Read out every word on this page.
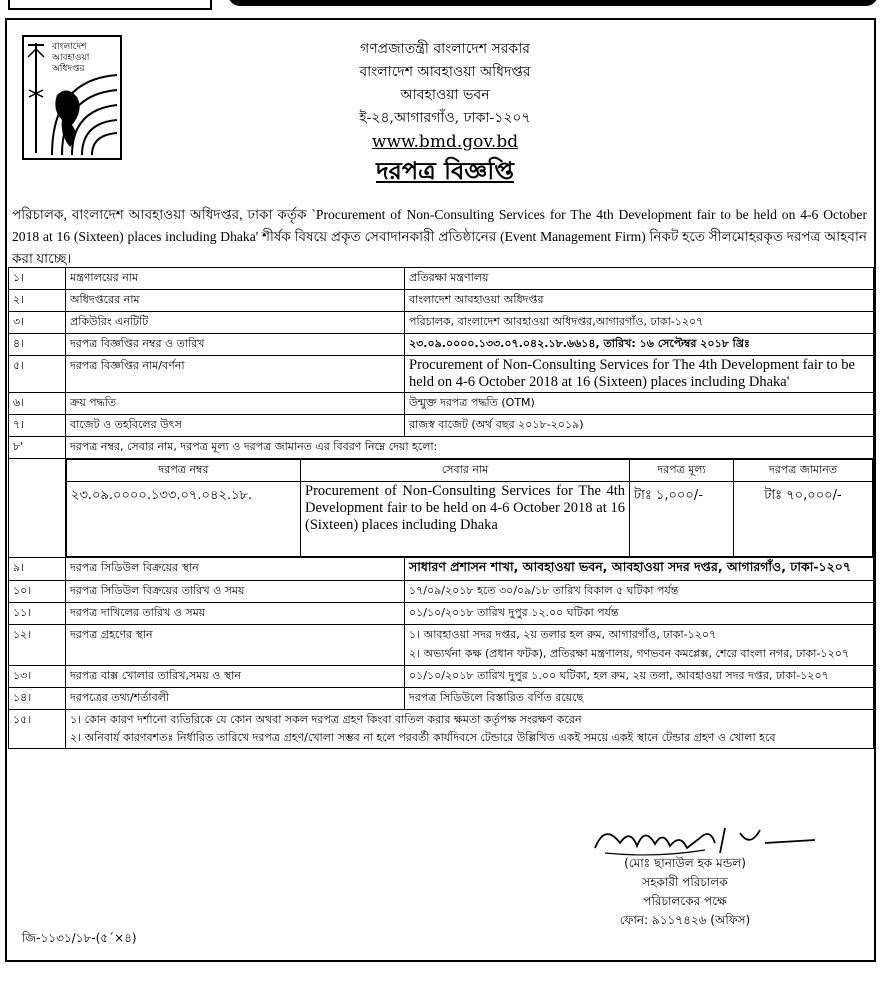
বাংলাদেশ
আবহাওয়া
অধিদপ্তর
গণপ্রজাতন্ত্রী বাংলাদেশ সরকার
বাংলাদেশ আবহাওয়া অধিদপ্তর
আবহাওয়া ভবন
ই-২৪,আগারগাঁও, ঢাকা-১২০৭
www.bmd.gov.bd
দরপত্র বিজ্ঞপ্তি
পরিচালক, বাংলাদেশ আবহাওয়া অধিদপ্তর, ঢাকা কর্তৃক `Procurement of Non-Consulting Services for The 4th Development fair to be held on 4-6 October 2018 at 16 (Sixteen) places including Dhaka' শীর্ষক বিষয়ে প্রকৃত সেবাদানকারী প্রতিষ্ঠানের (Event Management Firm) নিকট হতে সীলমোহরকৃত দরপত্র আহবান করা যাচ্ছে।
১।	মন্ত্রণালয়ের নাম	প্রতিরক্ষা মন্ত্রণালয়
২।	অধিদপ্তরের নাম	বাংলাদেশ আবহাওয়া অধিদপ্তর
৩।	প্রকিউরিং এনটিটি	পরিচালক, বাংলাদেশ আবহাওয়া অধিদপ্তর,আগারগাঁও, ঢাকা-১২০৭
৪।	দরপত্র বিজ্ঞপ্তির নম্বর ও তারিখ	২৩.০৯.০০০০.১৩৩.০৭.০৪২.১৮.৬৬১৪, তারিখ: ১৬ সেপ্টেম্বর ২০১৮ খ্রিঃ
৫।	দরপত্র বিজ্ঞপ্তির নাম/বর্ণনা	Procurement of Non-Consulting Services for The 4th Development fair to be held on 4-6 October 2018 at 16 (Sixteen) places including Dhaka'
৬।	ক্রয় পদ্ধতি	উন্মুক্ত দরপত্র পদ্ধতি (OTM)
৭।	বাজেট ও তহবিলের উৎস	রাজস্ব বাজেট (অর্থ বছর ২০১৮-২০১৯)
৮'	দরপত্র নম্বর, সেবার নাম, দরপত্র মূল্য ও দরপত্র জামানত এর বিবরণ নিম্নে দেয়া হলো:

দরপত্র নম্বর	সেবার নাম	দরপত্র মূল্য	দরপত্র জামানত
২৩.০৯.০০০০.১৩৩.০৭.০৪২.১৮.	Procurement of Non-Consulting Services for The 4th Development fair to be held on 4-6 October 2018 at 16 (Sixteen) places including Dhaka	টাঃ ১,০০০/-	টাঃ ৭০,০০০/-

৯।	দরপত্র সিডিউল বিক্রয়ের স্থান	সাধারণ প্রশাসন শাখা, আবহাওয়া ভবন, আবহাওয়া সদর দপ্তর, আগারগাঁও, ঢাকা-১২০৭
১০।	দরপত্র সিডিউল বিক্রয়ের তারিখ ও সময়	১৭/০৯/২০১৮ হতে ৩০/০৯/১৮ তারিখ বিকাল ৫ ঘটিকা পর্যন্ত
১১।	দরপত্র দাখিলের তারিখ ও সময়	০১/১০/২০১৮ তারিখ দুপুর ১২.০০ ঘটিকা পর্যন্ত
১২।	দরপত্র গ্রহণের স্থান	১। আবহাওয়া সদর দপ্তর, ২য় তলার হল রুম, আগারগাঁও, ঢাকা-১২০৭
২। অভ্যর্থনা কক্ষ (প্রধান ফটক), প্রতিরক্ষা মন্ত্রণালয়, গণভবন কমপ্লেক্স, শেরে বাংলা নগর, ঢাকা-১২০৭

১৩।	দরপত্র বাক্স খোলার তারিখ,সময় ও স্থান	০১/১০/২০১৮ তারিখ দুপুর ১.০০ ঘটিকা, হল রুম, ২য় তলা, আবহাওয়া সদর দপ্তর, ঢাকা-১২০৭
১৪।	দরপত্রের তথ্য/শর্তাবলী	দরপত্র সিডিউলে বিস্তারিত বর্ণিত রয়েছে
১৫।	১। কোন কারণ দর্শানো ব্যতিরিকে যে কোন অথবা সকল দরপত্র গ্রহণ কিংবা বাতিল করার ক্ষমতা কর্তৃপক্ষ সংরক্ষণ করেন
২। অনিবার্য কারণবশতঃ নির্ধারিত তারিখে দরপত্র গ্রহণ/খোলা সম্ভব না হলে পরবর্তী কার্যদিবসে টেন্ডারে উল্লিখিত একই সময়ে একই স্থানে টেন্ডার গ্রহণ ও খোলা হবে
(মোঃ ছানাউল হক মন্ডল)
সহকারী পরিচালক
পরিচালকের পক্ষে
ফোন: ৯১১৭৪২৬ (অফিস)
জি-১১৩১/১৮-(৫´×৪)
